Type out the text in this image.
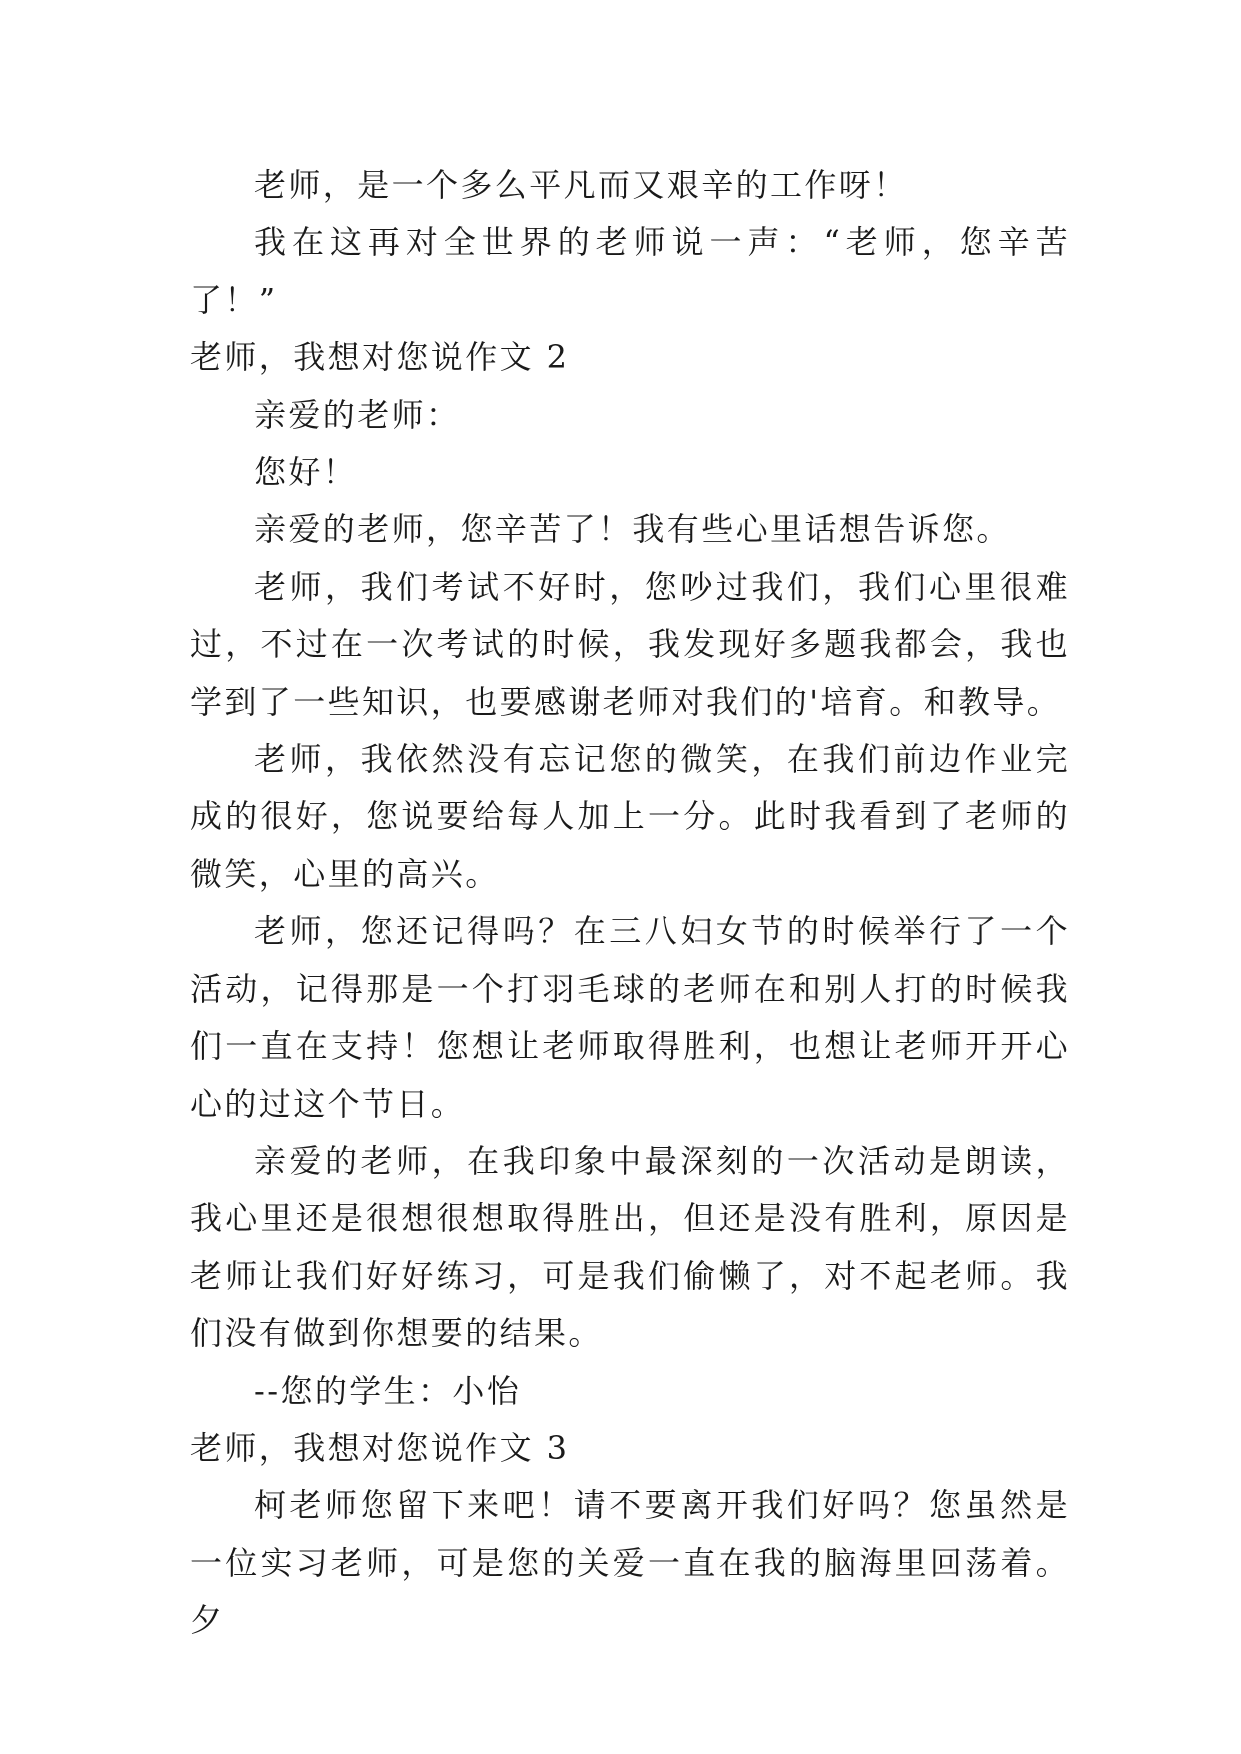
老师，是一个多么平凡而又艰辛的工作呀！

我在这再对全世界的老师说一声：“老师，您辛苦了！”

老师，我想对您说作文 2

亲爱的老师：

您好！

亲爱的老师，您辛苦了！我有些心里话想告诉您。

老师，我们考试不好时，您吵过我们，我们心里很难过，不过在一次考试的时候，我发现好多题我都会，我也学到了一些知识，也要感谢老师对我们的'培育。和教导。

老师，我依然没有忘记您的微笑，在我们前边作业完成的很好，您说要给每人加上一分。此时我看到了老师的微笑，心里的高兴。

老师，您还记得吗？在三八妇女节的时候举行了一个活动，记得那是一个打羽毛球的老师在和别人打的时候我们一直在支持！您想让老师取得胜利，也想让老师开开心心的过这个节日。

亲爱的老师，在我印象中最深刻的一次活动是朗读，我心里还是很想很想取得胜出，但还是没有胜利，原因是老师让我们好好练习，可是我们偷懒了，对不起老师。我们没有做到你想要的结果。

--您的学生：小怡

老师，我想对您说作文 3

柯老师您留下来吧！请不要离开我们好吗？您虽然是一位实习老师，可是您的关爱一直在我的脑海里回荡着。夕
